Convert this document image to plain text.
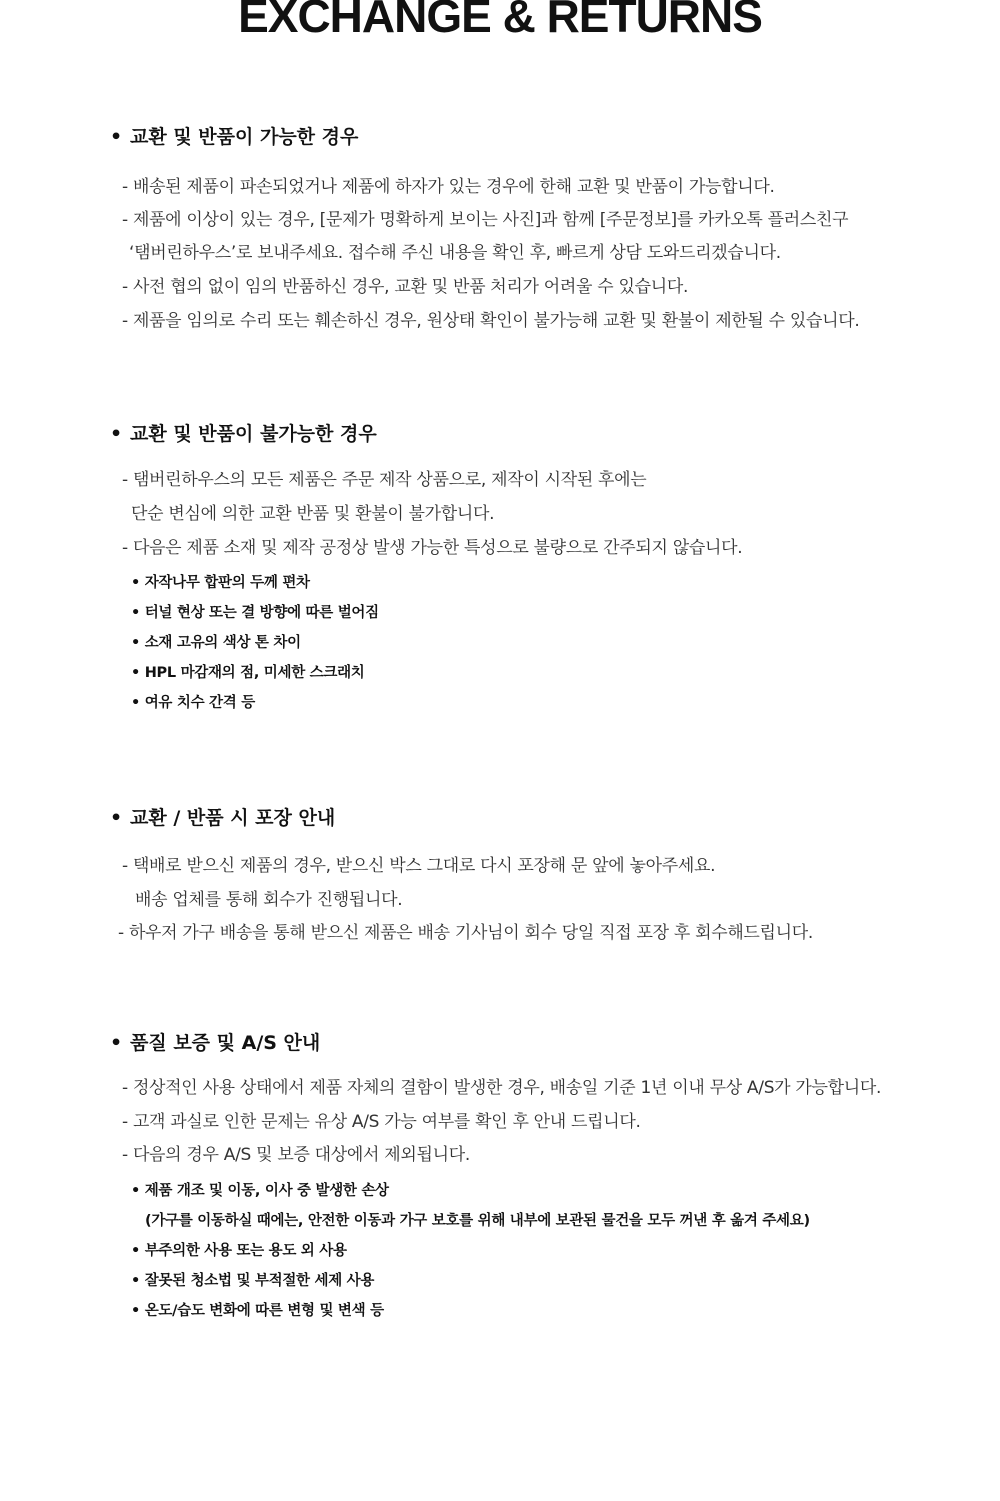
EXCHANGE & RETURNS
• 교환 및 반품이 가능한 경우
- 배송된 제품이 파손되었거나 제품에 하자가 있는 경우에 한해 교환 및 반품이 가능합니다.
- 제품에 이상이 있는 경우, [문제가 명확하게 보이는 사진]과 함께 [주문정보]를 카카오톡 플러스친구
‘탬버린하우스’로 보내주세요. 접수해 주신 내용을 확인 후, 빠르게 상담 도와드리겠습니다.
- 사전 협의 없이 임의 반품하신 경우, 교환 및 반품 처리가 어려울 수 있습니다.
- 제품을 임의로 수리 또는 훼손하신 경우, 원상태 확인이 불가능해 교환 및 환불이 제한될 수 있습니다.
• 교환 및 반품이 불가능한 경우
- 탬버린하우스의 모든 제품은 주문 제작 상품으로, 제작이 시작된 후에는
단순 변심에 의한 교환 반품 및 환불이 불가합니다.
- 다음은 제품 소재 및 제작 공정상 발생 가능한 특성으로 불량으로 간주되지 않습니다.
• 자작나무 합판의 두께 편차
• 터널 현상 또는 결 방향에 따른 벌어짐
• 소재 고유의 색상 톤 차이
• HPL 마감재의 점, 미세한 스크래치
• 여유 치수 간격 등
• 교환 / 반품 시 포장 안내
- 택배로 받으신 제품의 경우, 받으신 박스 그대로 다시 포장해 문 앞에 놓아주세요.
배송 업체를 통해 회수가 진행됩니다.
- 하우저 가구 배송을 통해 받으신 제품은 배송 기사님이 회수 당일 직접 포장 후 회수해드립니다.
• 품질 보증 및 A/S 안내
- 정상적인 사용 상태에서 제품 자체의 결함이 발생한 경우, 배송일 기준 1년 이내 무상 A/S가 가능합니다.
- 고객 과실로 인한 문제는 유상 A/S 가능 여부를 확인 후 안내 드립니다.
- 다음의 경우 A/S 및 보증 대상에서 제외됩니다.
• 제품 개조 및 이동, 이사 중 발생한 손상
(가구를 이동하실 때에는, 안전한 이동과 가구 보호를 위해 내부에 보관된 물건을 모두 꺼낸 후 옮겨 주세요)
• 부주의한 사용 또는 용도 외 사용
• 잘못된 청소법 및 부적절한 세제 사용
• 온도/습도 변화에 따른 변형 및 변색 등
